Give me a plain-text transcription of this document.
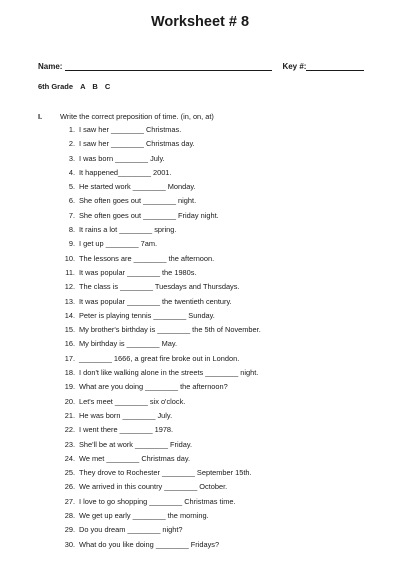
Worksheet # 8
Name:	Key #:
6th Grade A B C
I.	Write the correct preposition of time. (in, on, at)
1. I saw her ________ Christmas.
2. I saw her ________ Christmas day.
3. I was born ________ July.
4. It happened________ 2001.
5. He started work ________ Monday.
6. She often goes out ________ night.
7. She often goes out ________ Friday night.
8. It rains a lot ________ spring.
9. I get up ________ 7am.
10. The lessons are ________ the afternoon.
11. It was popular ________ the 1980s.
12. The class is ________ Tuesdays and Thursdays.
13. It was popular ________ the twentieth century.
14. Peter is playing tennis ________ Sunday.
15. My brother's birthday is ________ the 5th of November.
16. My birthday is ________ May.
17. ________ 1666, a great fire broke out in London.
18. I don't like walking alone in the streets ________ night.
19. What are you doing ________ the afternoon?
20. Let's meet ________ six o'clock.
21. He was born ________ July.
22. I went there ________ 1978.
23. She'll be at work ________ Friday.
24. We met ________ Christmas day.
25. They drove to Rochester ________ September 15th.
26. We arrived in this country ________ October.
27. I love to go shopping ________ Christmas time.
28. We get up early ________ the morning.
29. Do you dream ________ night?
30. What do you like doing ________ Fridays?
